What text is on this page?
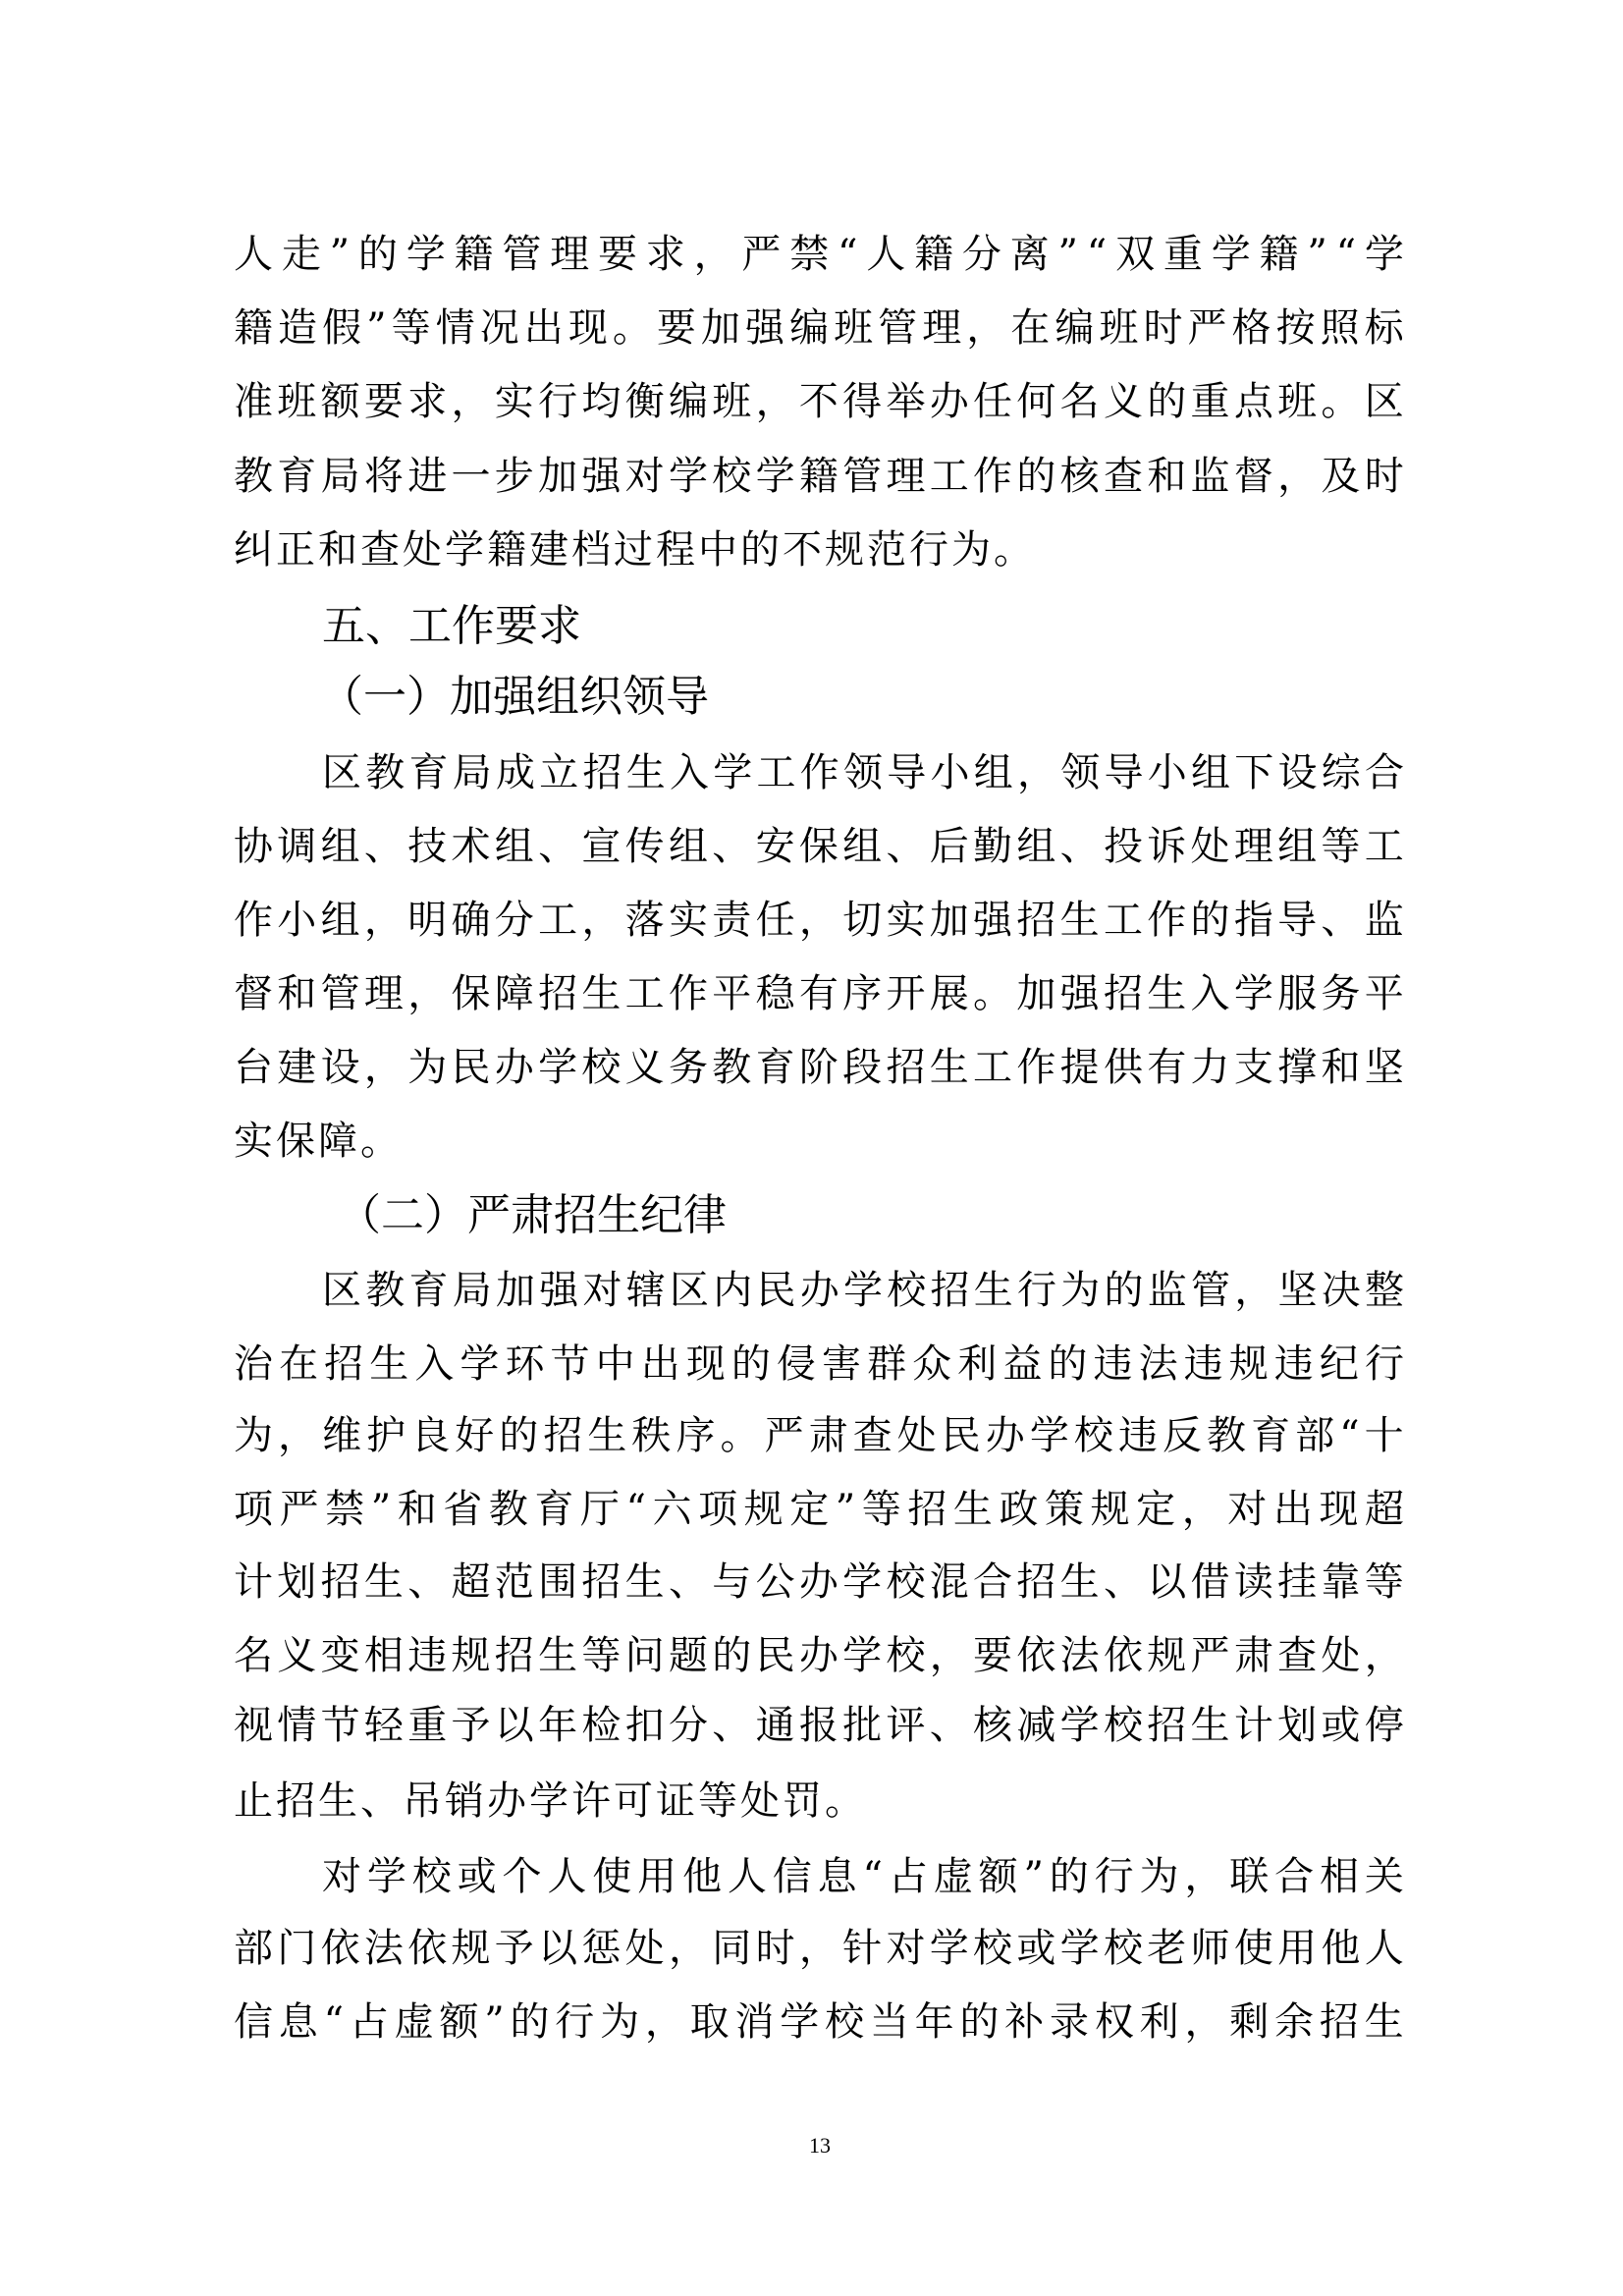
人 走 ” 的 学 籍 管 理 要 求 ， 严 禁 “ 人 籍 分 离 ” “ 双 重 学 籍 ” “ 学
籍 造 假 ” 等 情 况 出 现 。 要 加 强 编 班 管 理 ， 在 编 班 时 严 格 按 照 标
准 班 额 要 求 ， 实 行 均 衡 编 班 ， 不 得 举 办 任 何 名 义 的 重 点 班 。 区
教 育 局 将 进 一 步 加 强 对 学 校 学 籍 管 理 工 作 的 核 查 和 监 督 ， 及 时
纠正和查处学籍建档过程中的不规范行为。
五、工作要求
（一）加强组织领导
区 教 育 局 成 立 招 生 入 学 工 作 领 导 小 组 ， 领 导 小 组 下 设 综 合
协 调 组 、 技 术 组 、 宣 传 组 、 安 保 组 、 后 勤 组 、 投 诉 处 理 组 等 工
作 小 组 ， 明 确 分 工 ， 落 实 责 任 ， 切 实 加 强 招 生 工 作 的 指 导 、 监
督 和 管 理 ， 保 障 招 生 工 作 平 稳 有 序 开 展 。 加 强 招 生 入 学 服 务 平
台 建 设 ， 为 民 办 学 校 义 务 教 育 阶 段 招 生 工 作 提 供 有 力 支 撑 和 坚
实保障。
（二）严肃招生纪律
区 教 育 局 加 强 对 辖 区 内 民 办 学 校 招 生 行 为 的 监 管 ， 坚 决 整
治 在 招 生 入 学 环 节 中 出 现 的 侵 害 群 众 利 益 的 违 法 违 规 违 纪 行
为 ， 维 护 良 好 的 招 生 秩 序 。 严 肃 查 处 民 办 学 校 违 反 教 育 部 “ 十
项 严 禁 ” 和 省 教 育 厅 “ 六 项 规 定 ” 等 招 生 政 策 规 定 ， 对 出 现 超
计 划 招 生 、 超 范 围 招 生 、 与 公 办 学 校 混 合 招 生 、 以 借 读 挂 靠 等
名 义 变 相 违 规 招 生 等 问 题 的 民 办 学 校 ， 要 依 法 依 规 严 肃 查 处 ，
视 情 节 轻 重 予 以 年 检 扣 分 、 通 报 批 评 、 核 减 学 校 招 生 计 划 或 停
止招生、吊销办学许可证等处罚。
对 学 校 或 个 人 使 用 他 人 信 息 “ 占 虚 额 ” 的 行 为 ， 联 合 相 关
部 门 依 法 依 规 予 以 惩 处 ， 同 时 ， 针 对 学 校 或 学 校 老 师 使 用 他 人
信 息 “ 占 虚 额 ” 的 行 为 ， 取 消 学 校 当 年 的 补 录 权 利 ， 剩 余 招 生
13
